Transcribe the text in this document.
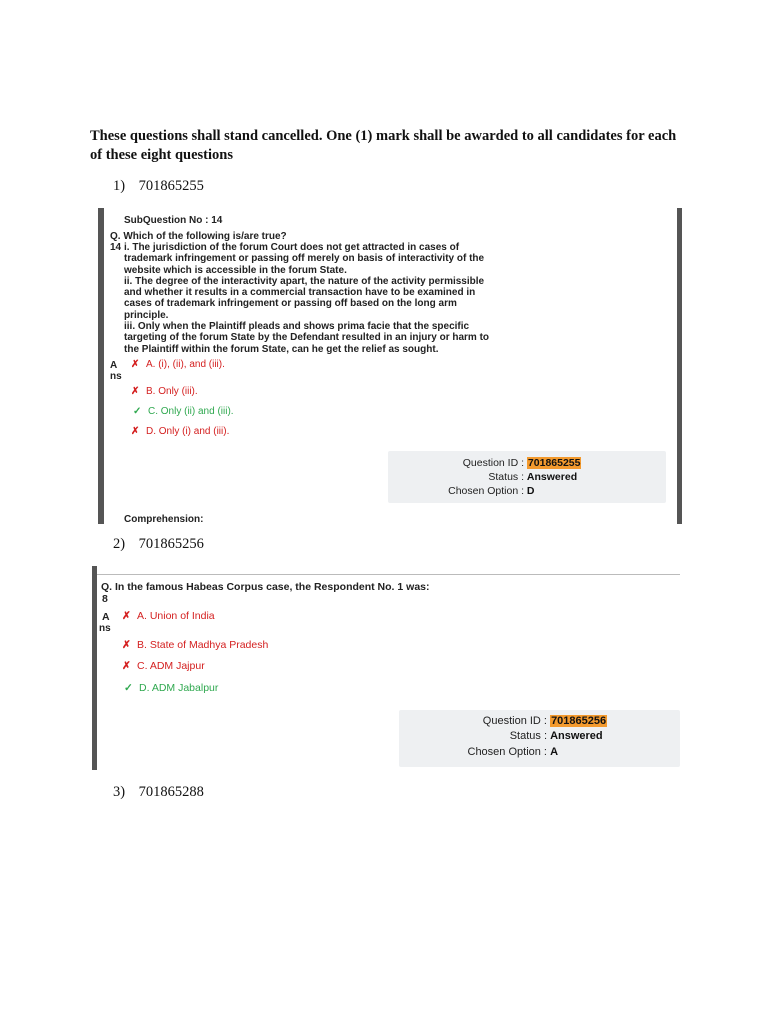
These questions shall stand cancelled. One (1) mark shall be awarded to all candidates for each of these eight questions
1) 701865255
SubQuestion No : 14
Q. Which of the following is/are true?
14 i. The jurisdiction of the forum Court does not get attracted in cases of
trademark infringement or passing off merely on basis of interactivity of the
website which is accessible in the forum State.
ii. The degree of the interactivity apart, the nature of the activity permissible
and whether it results in a commercial transaction have to be examined in
cases of trademark infringement or passing off based on the long arm
principle.
iii. Only when the Plaintiff pleads and shows prima facie that the specific
targeting of the forum State by the Defendant resulted in an injury or harm to
the Plaintiff within the forum State, can he get the relief as sought.
A
ns
✗ A. (i), (ii), and (iii).
✗ B. Only (iii).
✓ C. Only (ii) and (iii).
✗ D. Only (i) and (iii).
Question ID : 701865255
Status : Answered
Chosen Option : D
Comprehension:
2) 701865256
Q. In the famous Habeas Corpus case, the Respondent No. 1 was:
8
A
ns
✗ A. Union of India
✗ B. State of Madhya Pradesh
✗ C. ADM Jajpur
✓ D. ADM Jabalpur
Question ID : 701865256
Status : Answered
Chosen Option : A
3) 701865288
